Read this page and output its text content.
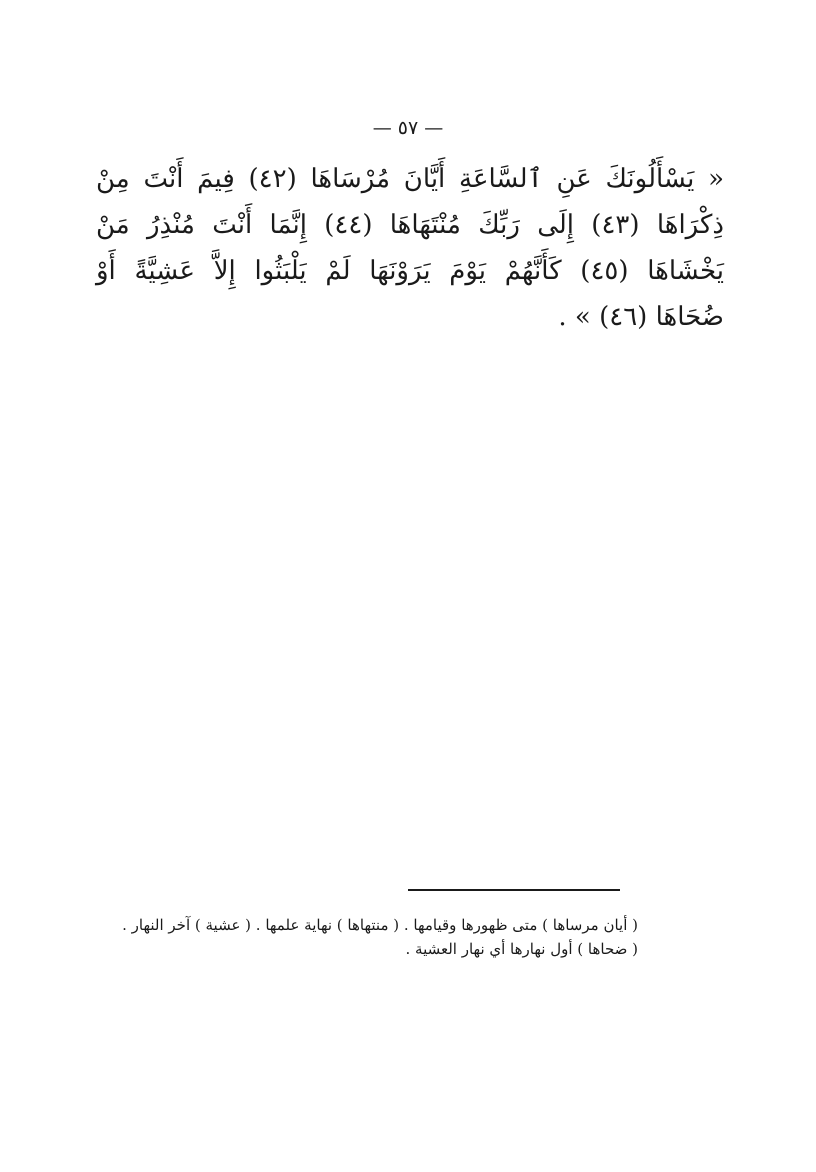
— ٥٧ —
« يَسْأَلُونَكَ عَنِ ٱلسَّاعَةِ أَيَّانَ مُرْسَاهَا (٤٢) فِيمَ أَنْتَ مِنْ
ذِكْرَاهَا (٤٣) إِلَى رَبِّكَ مُنْتَهَاهَا (٤٤) إِنَّمَا أَنْتَ مُنْذِرُ مَنْ
يَخْشَاهَا (٤٥) كَأَنَّهُمْ يَوْمَ يَرَوْنَهَا لَمْ يَلْبَثُوا إِلاَّ عَشِيَّةً أَوْ
ضُحَاهَا (٤٦) » .
( أيان مرساها ) متى ظهورها وقيامها . ( منتهاها ) نهاية علمها . ( عشية ) آخر النهار .
( ضحاها ) أول نهارها أي نهار العشية .
